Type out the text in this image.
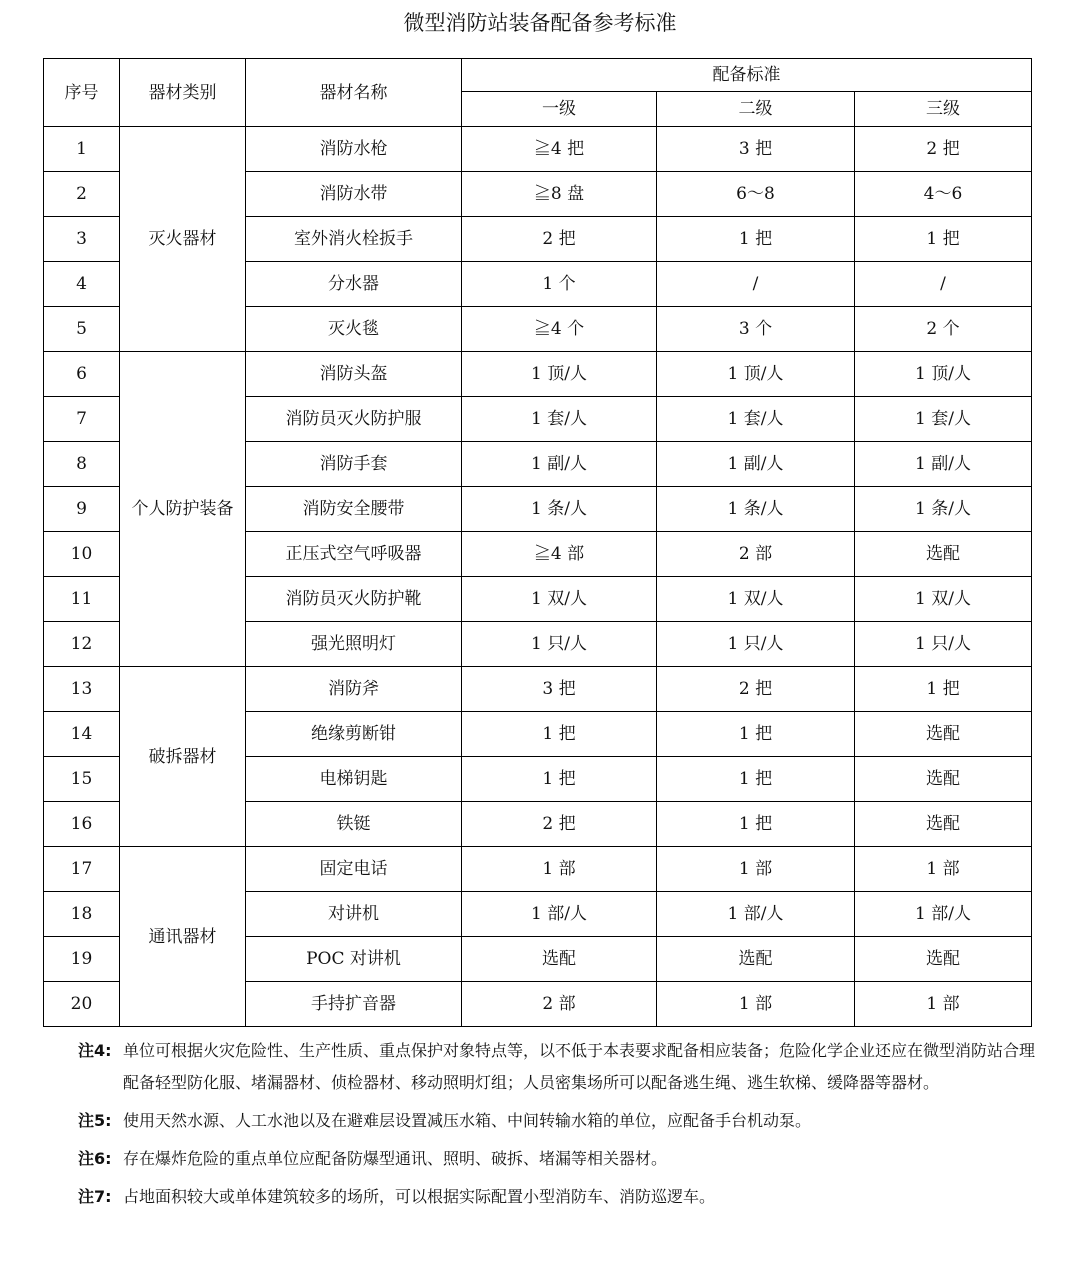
微型消防站装备配备参考标准
序号	器材类别	器材名称	配备标准		
			一级	二级	三级
1	灭火器材	消防水枪	≧4 把	3 把	2 把
2		消防水带	≧8 盘	6～8	4～6
3		室外消火栓扳手	2 把	1 把	1 把
4		分水器	1 个	/	/
5		灭火毯	≧4 个	3 个	2 个
6	个人防护装备	消防头盔	1 顶/人	1 顶/人	1 顶/人
7		消防员灭火防护服	1 套/人	1 套/人	1 套/人
8		消防手套	1 副/人	1 副/人	1 副/人
9		消防安全腰带	1 条/人	1 条/人	1 条/人
10		正压式空气呼吸器	≧4 部	2 部	选配
11		消防员灭火防护靴	1 双/人	1 双/人	1 双/人
12		强光照明灯	1 只/人	1 只/人	1 只/人
13	破拆器材	消防斧	3 把	2 把	1 把
14		绝缘剪断钳	1 把	1 把	选配
15		电梯钥匙	1 把	1 把	选配
16		铁铤	2 把	1 把	选配
17	通讯器材	固定电话	1 部	1 部	1 部
18		对讲机	1 部/人	1 部/人	1 部/人
19		POC 对讲机	选配	选配	选配
20		手持扩音器	2 部	1 部	1 部
注4: 单位可根据火灾危险性、生产性质、重点保护对象特点等，以不低于本表要求配备相应装备；危险化学企业还应在微型消防站合理配备轻型防化服、堵漏器材、侦检器材、移动照明灯组；人员密集场所可以配备逃生绳、逃生软梯、缓降器等器材。
注5: 使用天然水源、人工水池以及在避难层设置减压水箱、中间转输水箱的单位，应配备手台机动泵。
注6: 存在爆炸危险的重点单位应配备防爆型通讯、照明、破拆、堵漏等相关器材。
注7: 占地面积较大或单体建筑较多的场所，可以根据实际配置小型消防车、消防巡逻车。
